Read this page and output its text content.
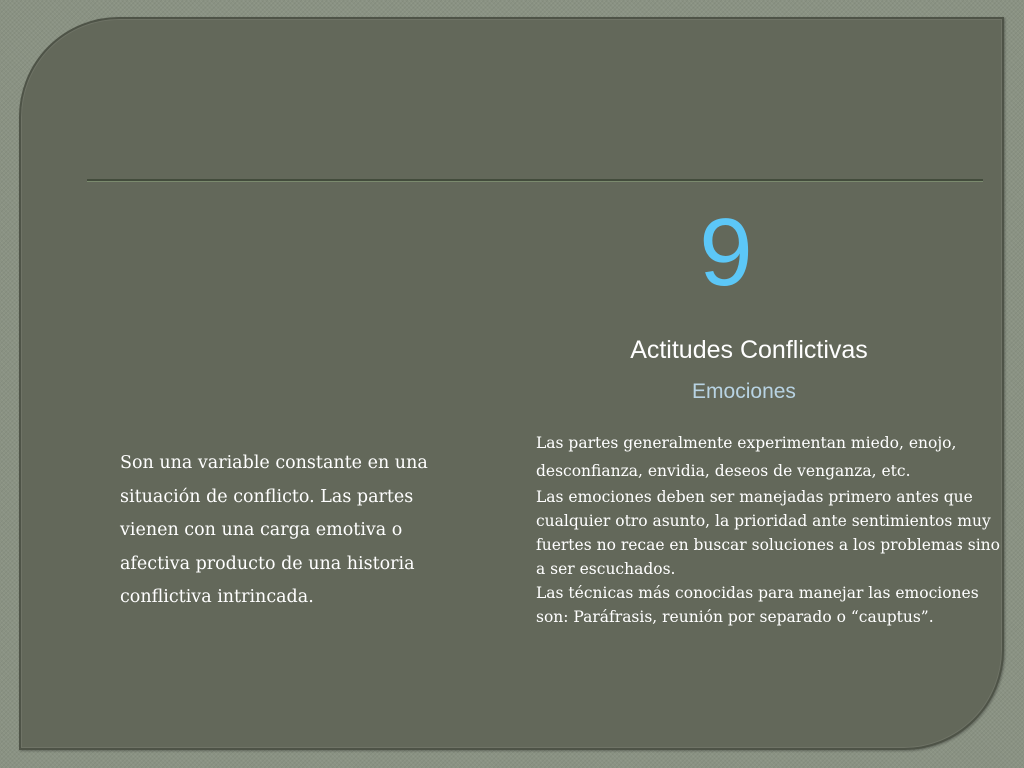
9
Actitudes Conflictivas
Emociones
Son una variable constante en una situación de conflicto. Las partes vienen con una carga emotiva o afectiva producto de una historia conflictiva intrincada.

Las partes generalmente experimentan miedo, enojo, desconfianza, envidia, deseos de venganza, etc.

Las emociones deben ser manejadas primero antes que cualquier otro asunto, la prioridad ante sentimientos muy fuertes no recae en buscar soluciones a los problemas sino a ser escuchados.

Las técnicas más conocidas para manejar las emociones son: Paráfrasis, reunión por separado o “cauptus”.
